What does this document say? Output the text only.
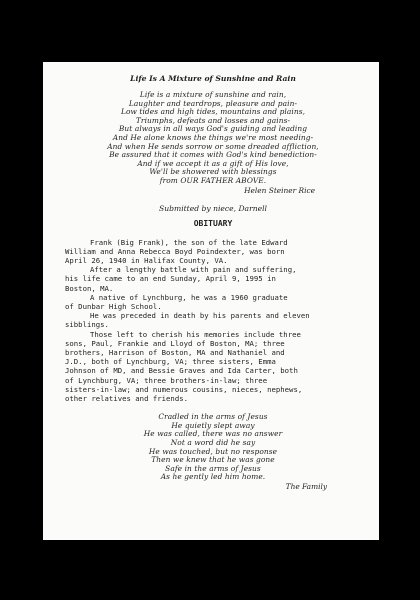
Life Is A Mixture of Sunshine and Rain
Life is a mixture of sunshine and rain,
Laughter and teardrops, pleasure and pain-
Low tides and high tides, mountains and plains,
Triumphs, defeats and losses and gains-
But always in all ways God's guiding and leading
And He alone knows the things we're most needing-
And when He sends sorrow or some dreaded affliction,
Be assured that it comes with God's kind benediction-
And if we accept it as a gift of His love,
We'll be showered with blessings
from OUR FATHER ABOVE.
Helen Steiner Rice
Submitted by niece, Darnell
OBITUARY
Frank (Big Frank), the son of the late Edward
William and Anna Rebecca Boyd Poindexter, was born
April 26, 1940 in Halifax County, VA.
After a lengthy battle with pain and suffering,
his life came to an end Sunday, April 9, 1995 in
Boston, MA.
A native of Lynchburg, he was a 1960 graduate
of Dunbar High School.
He was preceded in death by his parents and eleven
sibblings.
Those left to cherish his memories include three
sons, Paul, Frankie and Lloyd of Boston, MA; three
brothers, Harrison of Boston, MA and Nathaniel and
J.D., both of Lynchburg, VA; three sisters, Emma
Johnson of MD, and Bessie Graves and Ida Carter, both
of Lynchburg, VA; three brothers-in-law; three
sisters-in-law; and numerous cousins, nieces, nephews,
other relatives and friends.
Cradled in the arms of Jesus
He quietly slept away
He was called, there was no answer
Not a word did he say
He was touched, but no response
Then we knew that he was gone
Safe in the arms of Jesus
As he gently led him home.
The Family
